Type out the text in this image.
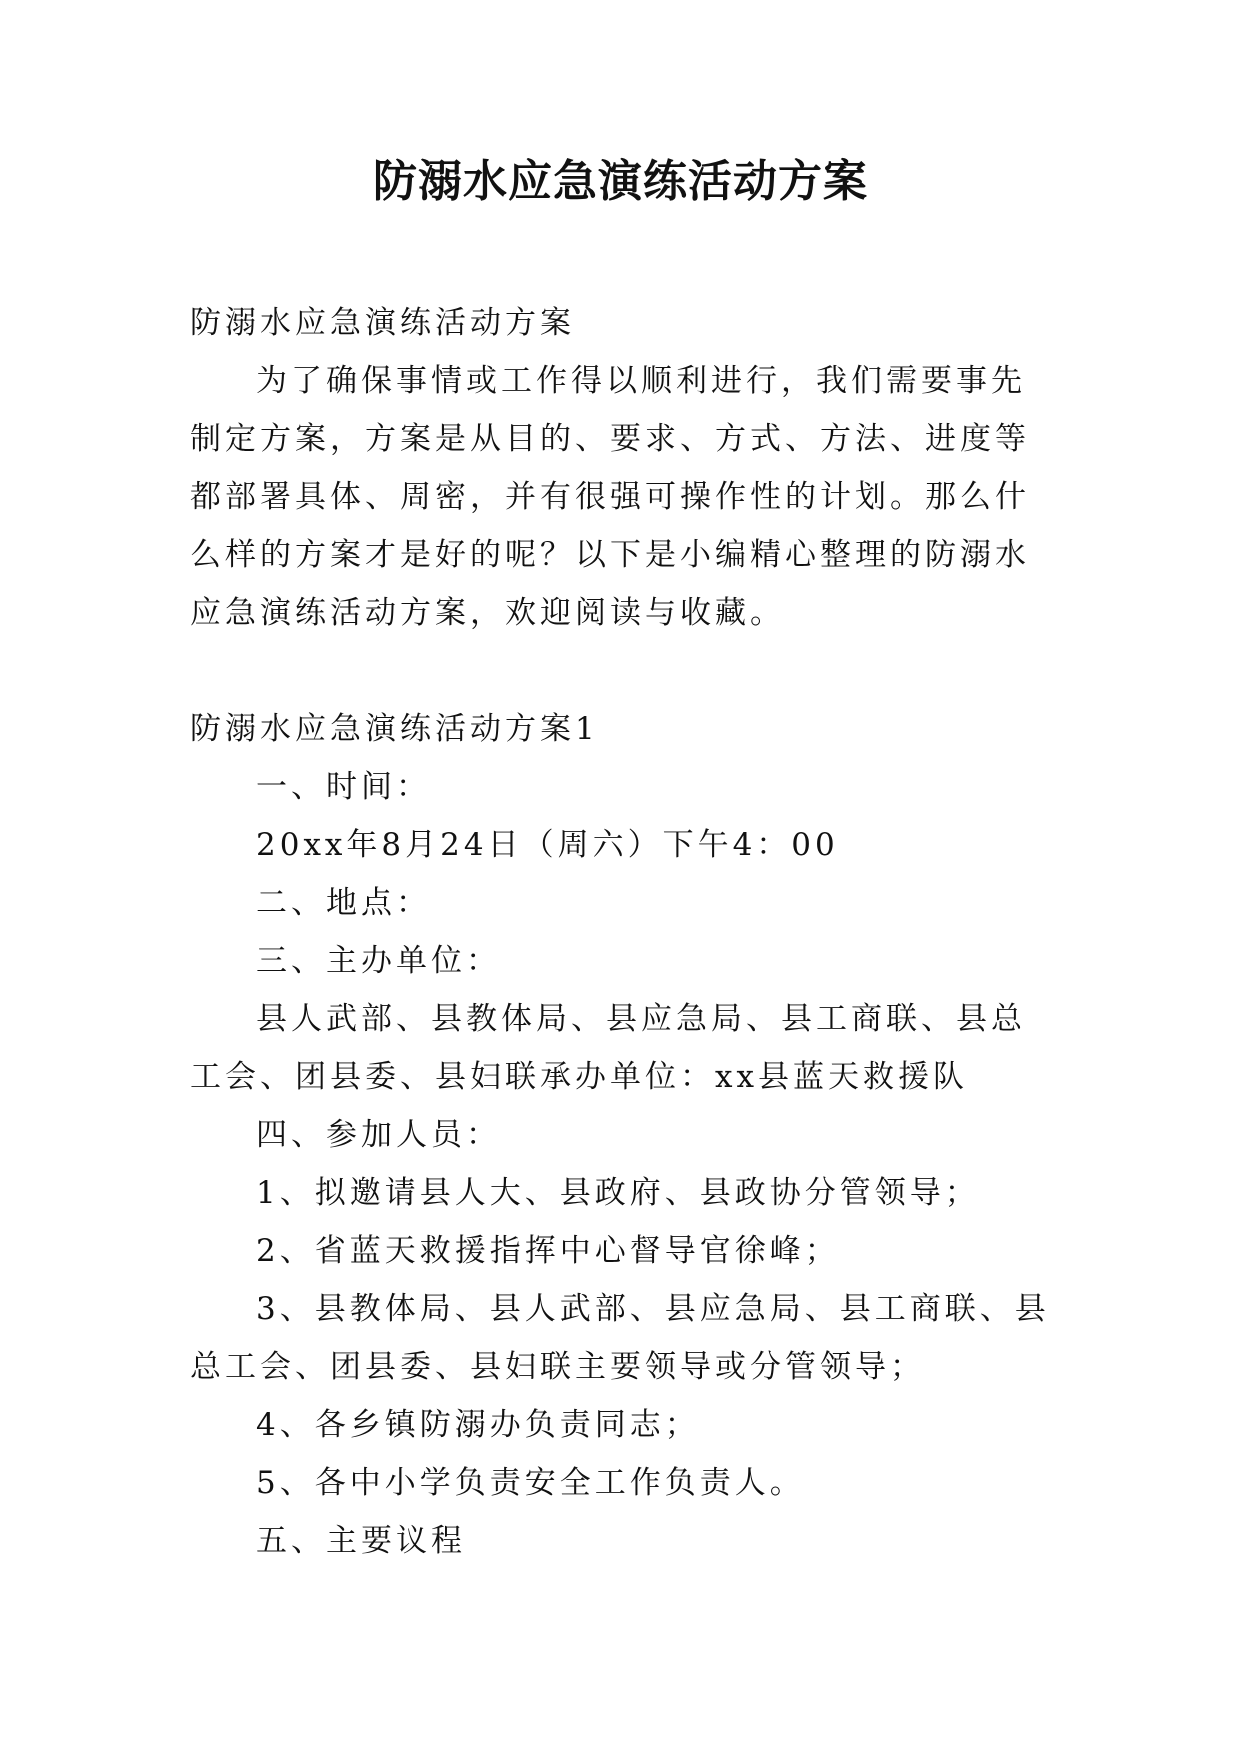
防溺水应急演练活动方案

防溺水应急演练活动方案

为了确保事情或工作得以顺利进行，我们需要事先制定方案，方案是从目的、要求、方式、方法、进度等都部署具体、周密，并有很强可操作性的计划。那么什么样的方案才是好的呢？以下是小编精心整理的防溺水应急演练活动方案，欢迎阅读与收藏。

防溺水应急演练活动方案1

一、时间：

20xx年8月24日（周六）下午4：00

二、地点：

三、主办单位：

县人武部、县教体局、县应急局、县工商联、县总工会、团县委、县妇联承办单位：xx县蓝天救援队

四、参加人员：

1、拟邀请县人大、县政府、县政协分管领导；

2、省蓝天救援指挥中心督导官徐峰；

3、县教体局、县人武部、县应急局、县工商联、县总工会、团县委、县妇联主要领导或分管领导；

4、各乡镇防溺办负责同志；

5、各中小学负责安全工作负责人。

五、主要议程
